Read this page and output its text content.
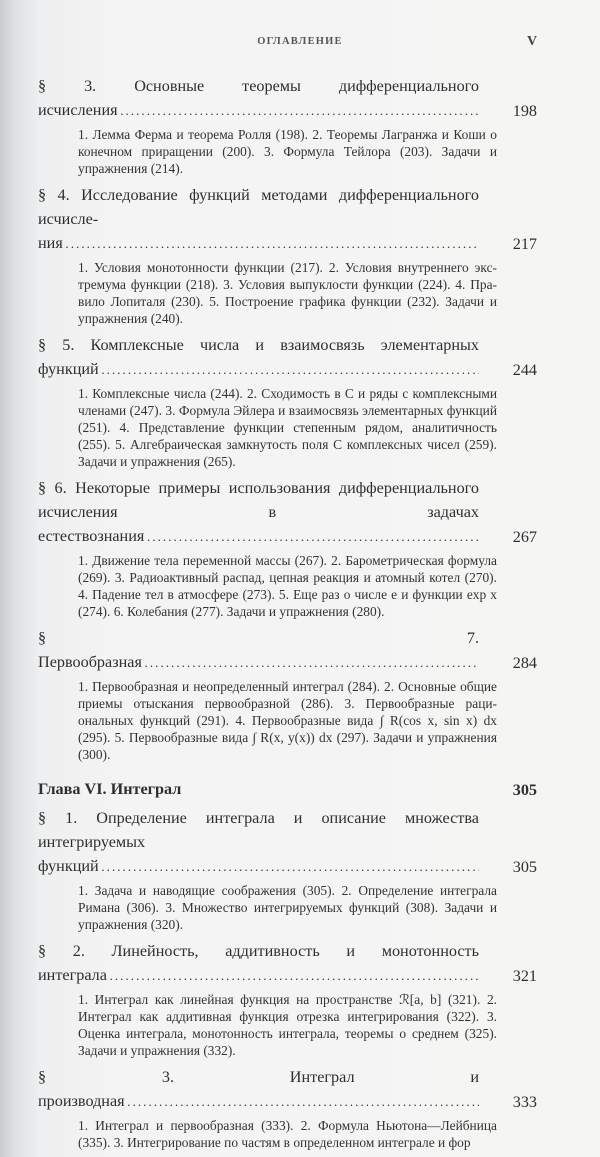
ОГЛАВЛЕНИЕ	V
§ 3. Основные теоремы дифференциального исчисления . . .	198
1. Лемма Ферма и теорема Ролля (198). 2. Теоремы Лагранжа и Коши о конечном приращении (200). 3. Формула Тейлора (203). Задачи и упражнения (214).
§ 4. Исследование функций методами дифференциального исчисления . . .	217
1. Условия монотонности функции (217). 2. Условия внутреннего экстремума функции (218). 3. Условия выпуклости функции (224). 4. Правило Лопиталя (230). 5. Построение графика функции (232). Задачи и упражнения (240).
§ 5. Комплексные числа и взаимосвязь элементарных функций . . .	244
1. Комплексные числа (244). 2. Сходимость в C и ряды с комплексными членами (247). 3. Формула Эйлера и взаимосвязь элементарных функций (251). 4. Представление функции степенным рядом, аналитичность (255). 5. Алгебраическая замкнутость поля C комплексных чисел (259). Задачи и упражнения (265).
§ 6. Некоторые примеры использования дифференциального исчисления в задачах естествознания . . .	267
1. Движение тела переменной массы (267). 2. Барометрическая формула (269). 3. Радиоактивный распад, цепная реакция и атомный котел (270). 4. Падение тел в атмосфере (273). 5. Еще раз о числе e и функции exp x (274). 6. Колебания (277). Задачи и упражнения (280).
§ 7. Первообразная . . .	284
1. Первообразная и неопределенный интеграл (284). 2. Основные общие приемы отыскания первообразной (286). 3. Первообразные рациональных функций (291). 4. Первообразные вида ∫ R(cos x, sin x) dx (295). 5. Первообразные вида ∫ R(x, y(x)) dx (297). Задачи и упражнения (300).
Глава VI. Интеграл	305
§ 1. Определение интеграла и описание множества интегрируемых функций . . .	305
1. Задача и наводящие соображения (305). 2. Определение интеграла Римана (306). 3. Множество интегрируемых функций (308). Задачи и упражнения (320).
§ 2. Линейность, аддитивность и монотонность интеграла . . .	321
1. Интеграл как линейная функция на пространстве ℛ[a, b] (321). 2. Интеграл как аддитивная функция отрезка интегрирования (322). 3. Оценка интеграла, монотонность интеграла, теоремы о среднем (325). Задачи и упражнения (332).
§ 3. Интеграл и производная . . .	333
1. Интеграл и первообразная (333). 2. Формула Ньютона—Лейбница (335). 3. Интегрирование по частям в определенном интеграле и фор
